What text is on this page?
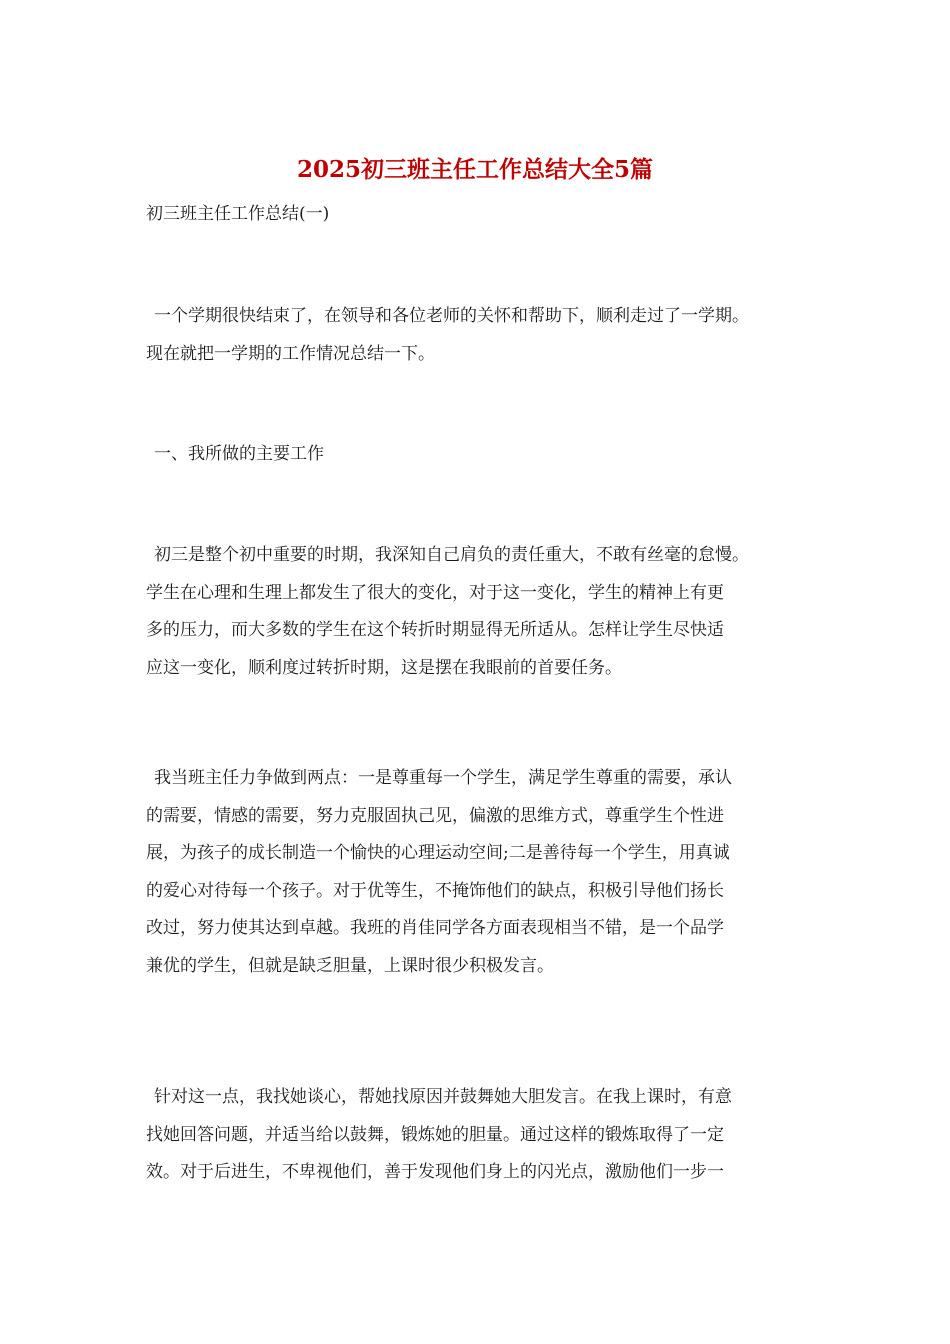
2025初三班主任工作总结大全5篇

初三班主任工作总结(一)

一个学期很快结束了，在领导和各位老师的关怀和帮助下，顺利走过了一学期。
现在就把一学期的工作情况总结一下。

一、我所做的主要工作

初三是整个初中重要的时期，我深知自己肩负的责任重大，不敢有丝毫的怠慢。
学生在心理和生理上都发生了很大的变化，对于这一变化，学生的精神上有更
多的压力，而大多数的学生在这个转折时期显得无所适从。怎样让学生尽快适
应这一变化，顺利度过转折时期，这是摆在我眼前的首要任务。

我当班主任力争做到两点：一是尊重每一个学生，满足学生尊重的需要，承认
的需要，情感的需要，努力克服固执己见，偏激的思维方式，尊重学生个性进
展，为孩子的成长制造一个愉快的心理运动空间;二是善待每一个学生，用真诚
的爱心对待每一个孩子。对于优等生，不掩饰他们的缺点，积极引导他们扬长
改过，努力使其达到卓越。我班的肖佳同学各方面表现相当不错，是一个品学
兼优的学生，但就是缺乏胆量，上课时很少积极发言。

针对这一点，我找她谈心，帮她找原因并鼓舞她大胆发言。在我上课时，有意
找她回答问题，并适当给以鼓舞，锻炼她的胆量。通过这样的锻炼取得了一定
效。对于后进生，不卑视他们，善于发现他们身上的闪光点，激励他们一步一
